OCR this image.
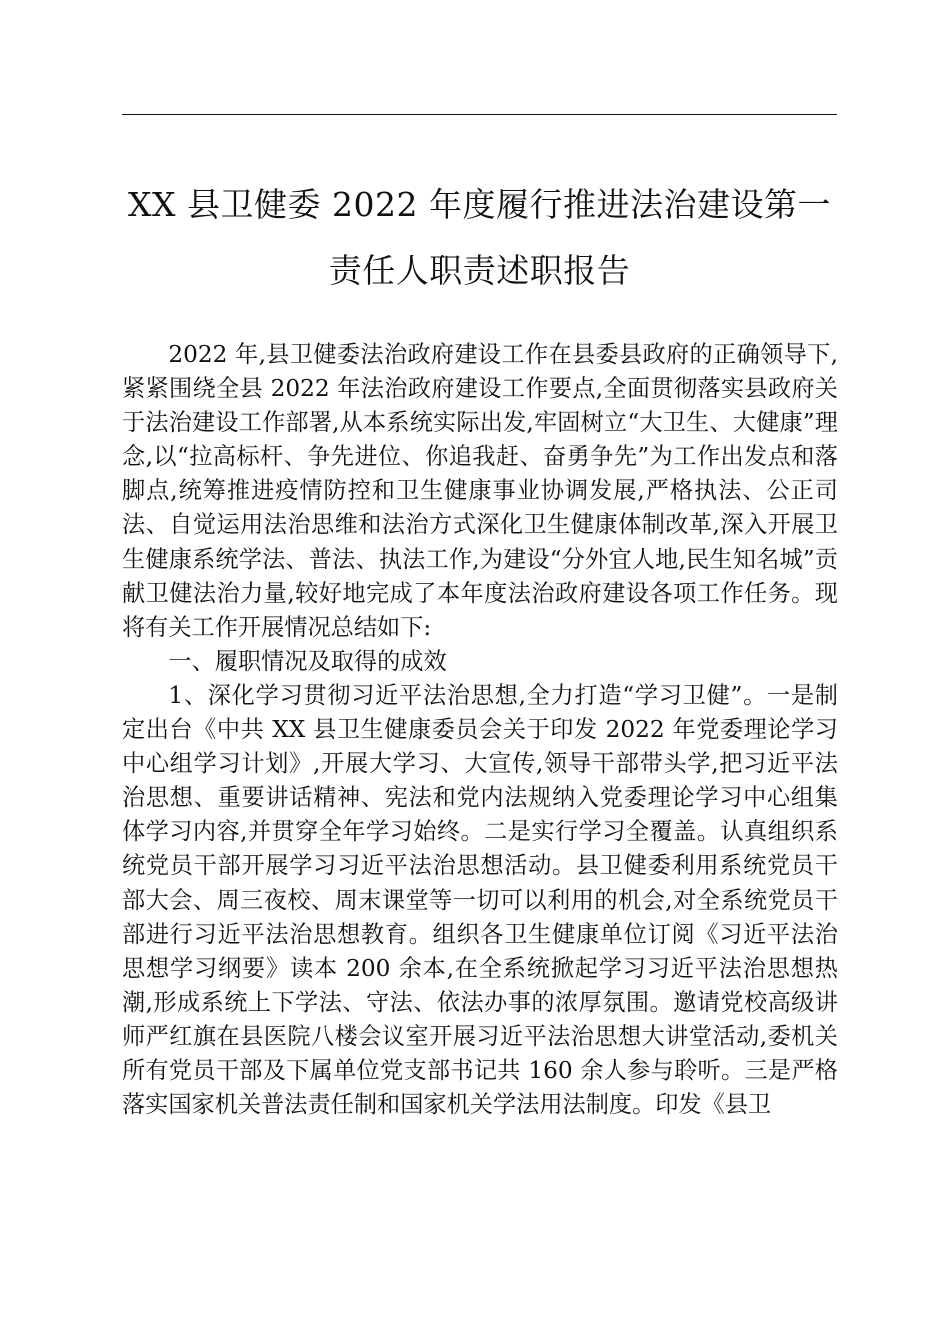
XX 县卫健委 2022 年度履行推进法治建设第一
责任人职责述职报告

2022 年,县卫健委法治政府建设工作在县委县政府的正确领导下,紧紧围绕全县 2022 年法治政府建设工作要点,全面贯彻落实县政府关于法治建设工作部署,从本系统实际出发,牢固树立“大卫生、大健康”理念,以“拉高标杆、争先进位、你追我赶、奋勇争先”为工作出发点和落脚点,统筹推进疫情防控和卫生健康事业协调发展,严格执法、公正司法、自觉运用法治思维和法治方式深化卫生健康体制改革,深入开展卫生健康系统学法、普法、执法工作,为建设“分外宜人地,民生知名城”贡献卫健法治力量,较好地完成了本年度法治政府建设各项工作任务。现将有关工作开展情况总结如下:

一、履职情况及取得的成效

1、深化学习贯彻习近平法治思想,全力打造“学习卫健”。一是制定出台《中共 XX 县卫生健康委员会关于印发 2022 年党委理论学习中心组学习计划》,开展大学习、大宣传,领导干部带头学,把习近平法治思想、重要讲话精神、宪法和党内法规纳入党委理论学习中心组集体学习内容,并贯穿全年学习始终。二是实行学习全覆盖。认真组织系统党员干部开展学习习近平法治思想活动。县卫健委利用系统党员干部大会、周三夜校、周末课堂等一切可以利用的机会,对全系统党员干部进行习近平法治思想教育。组织各卫生健康单位订阅《习近平法治思想学习纲要》读本 200 余本,在全系统掀起学习习近平法治思想热潮,形成系统上下学法、守法、依法办事的浓厚氛围。邀请党校高级讲师严红旗在县医院八楼会议室开展习近平法治思想大讲堂活动,委机关所有党员干部及下属单位党支部书记共 160 余人参与聆听。三是严格落实国家机关普法责任制和国家机关学法用法制度。印发《县卫
